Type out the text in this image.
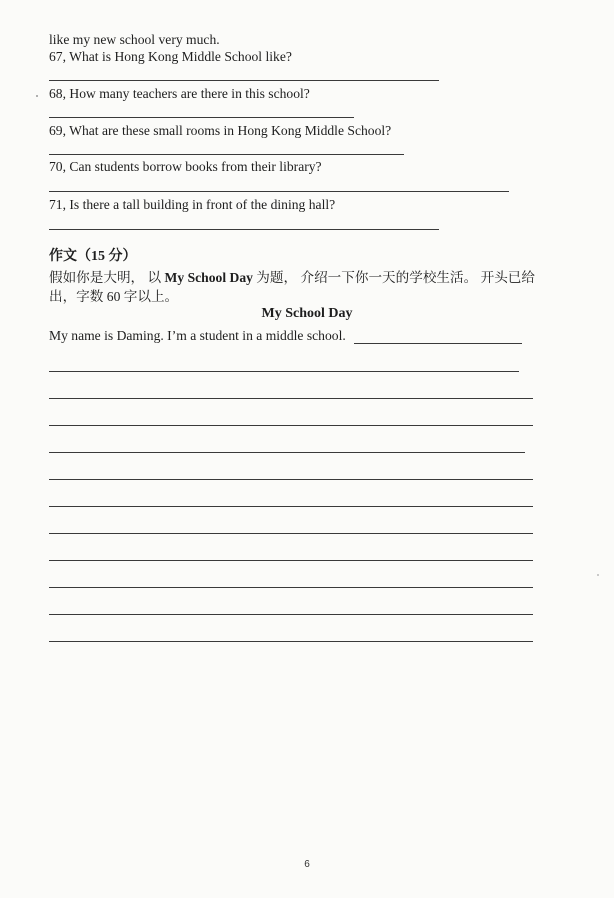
like my new school very much.
67, What is Hong Kong Middle School like?
68, How many teachers are there in this school?
69, What are these small rooms in Hong Kong Middle School?
70, Can students borrow books from their library?
71, Is there a tall building in front of the dining hall?
作文（15 分）
假如你是大明， 以 My School Day 为题， 介绍一下你一天的学校生活。 开头已给出，字数 60 字以上。
My School Day
My name is Daming. I’m a student in a middle school.
6
